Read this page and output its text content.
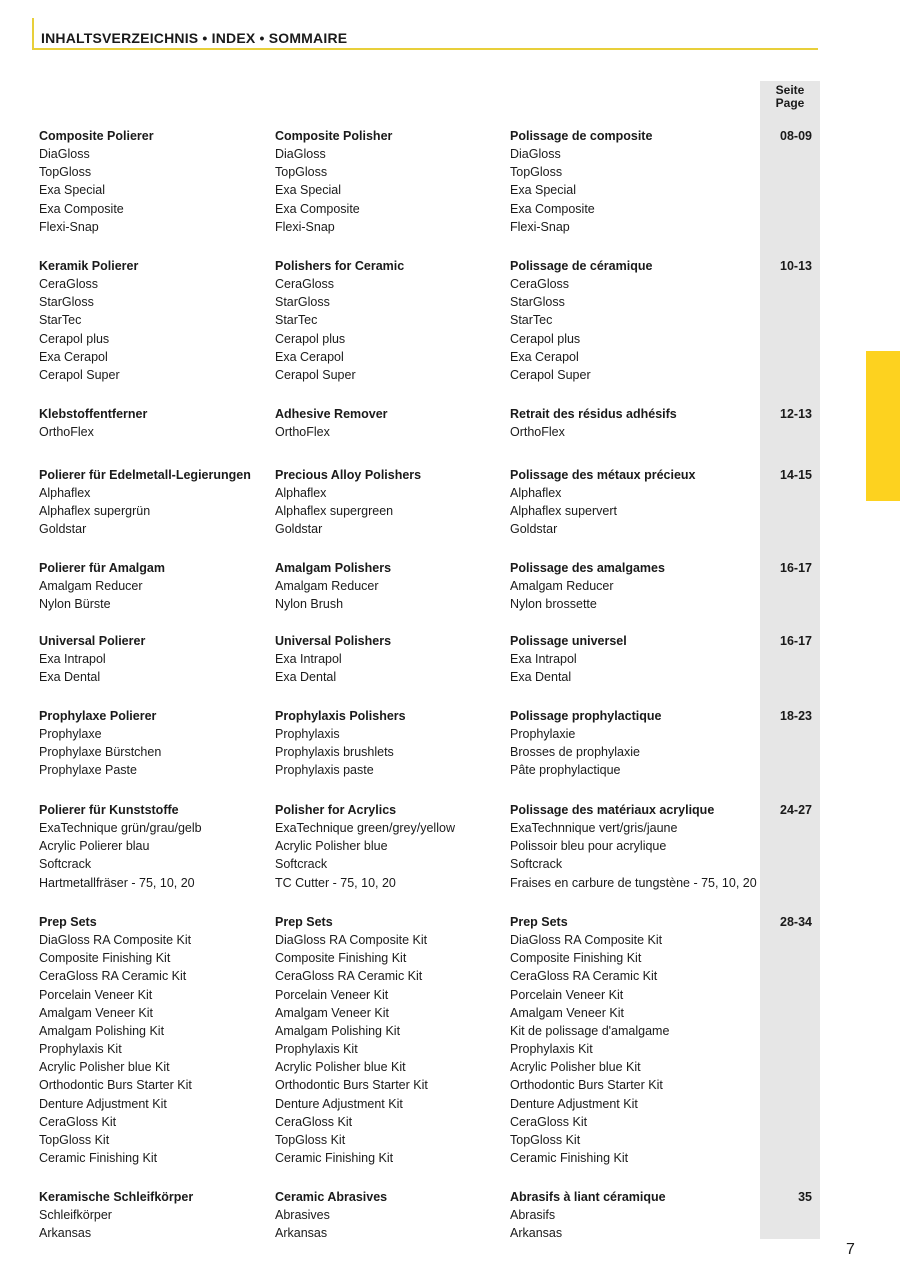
INHALTSVERZEICHNIS • INDEX • SOMMAIRE
Seite
Page
Composite Polierer
DiaGloss
TopGloss
Exa Special
Exa Composite
Flexi-Snap
Composite Polisher
DiaGloss
TopGloss
Exa Special
Exa Composite
Flexi-Snap
Polissage de composite
DiaGloss
TopGloss
Exa Special
Exa Composite
Flexi-Snap
08-09
Keramik Polierer
CeraGloss
StarGloss
StarTec
Cerapol plus
Exa Cerapol
Cerapol Super
Polishers for Ceramic
CeraGloss
StarGloss
StarTec
Cerapol plus
Exa Cerapol
Cerapol Super
Polissage de céramique
CeraGloss
StarGloss
StarTec
Cerapol plus
Exa Cerapol
Cerapol Super
10-13
Klebstoffentferner
OrthoFlex
Adhesive Remover
OrthoFlex
Retrait des résidus adhésifs
OrthoFlex
12-13
Polierer für Edelmetall-Legierungen
Alphaflex
Alphaflex supergrün
Goldstar
Precious Alloy Polishers
Alphaflex
Alphaflex supergreen
Goldstar
Polissage des métaux précieux
Alphaflex
Alphaflex supervert
Goldstar
14-15
Polierer für Amalgam
Amalgam Reducer
Nylon Bürste
Amalgam Polishers
Amalgam Reducer
Nylon Brush
Polissage des amalgames
Amalgam Reducer
Nylon brossette
16-17
Universal Polierer
Exa Intrapol
Exa Dental
Universal Polishers
Exa Intrapol
Exa Dental
Polissage universel
Exa Intrapol
Exa Dental
16-17
Prophylaxe Polierer
Prophylaxe
Prophylaxe Bürstchen
Prophylaxe Paste
Prophylaxis Polishers
Prophylaxis
Prophylaxis brushlets
Prophylaxis paste
Polissage prophylactique
Prophylaxie
Brosses de prophylaxie
Pâte prophylactique
18-23
Polierer für Kunststoffe
ExaTechnique grün/grau/gelb
Acrylic Polierer blau
Softcrack
Hartmetallfräser - 75, 10, 20
Polisher for Acrylics
ExaTechnique green/grey/yellow
Acrylic Polisher blue
Softcrack
TC Cutter - 75, 10, 20
Polissage des matériaux acrylique
ExaTechnnique vert/gris/jaune
Polissoir bleu pour acrylique
Softcrack
Fraises en carbure de tungstène - 75, 10, 20
24-27
Prep Sets
DiaGloss RA Composite Kit
Composite Finishing Kit
CeraGloss RA Ceramic Kit
Porcelain Veneer Kit
Amalgam Veneer Kit
Amalgam Polishing Kit
Prophylaxis Kit
Acrylic Polisher blue Kit
Orthodontic Burs Starter Kit
Denture Adjustment Kit
CeraGloss Kit
TopGloss Kit
Ceramic Finishing Kit
Prep Sets
DiaGloss RA Composite Kit
Composite Finishing Kit
CeraGloss RA Ceramic Kit
Porcelain Veneer Kit
Amalgam Veneer Kit
Amalgam Polishing Kit
Prophylaxis Kit
Acrylic Polisher blue Kit
Orthodontic Burs Starter Kit
Denture Adjustment Kit
CeraGloss Kit
TopGloss Kit
Ceramic Finishing Kit
Prep Sets
DiaGloss RA Composite Kit
Composite Finishing Kit
CeraGloss RA Ceramic Kit
Porcelain Veneer Kit
Amalgam Veneer Kit
Kit de polissage d'amalgame
Prophylaxis Kit
Acrylic Polisher blue Kit
Orthodontic Burs Starter Kit
Denture Adjustment Kit
CeraGloss Kit
TopGloss Kit
Ceramic Finishing Kit
28-34
Keramische Schleifkörper
Schleifkörper
Arkansas
Ceramic Abrasives
Abrasives
Arkansas
Abrasifs à liant céramique
Abrasifs
Arkansas
35
7
